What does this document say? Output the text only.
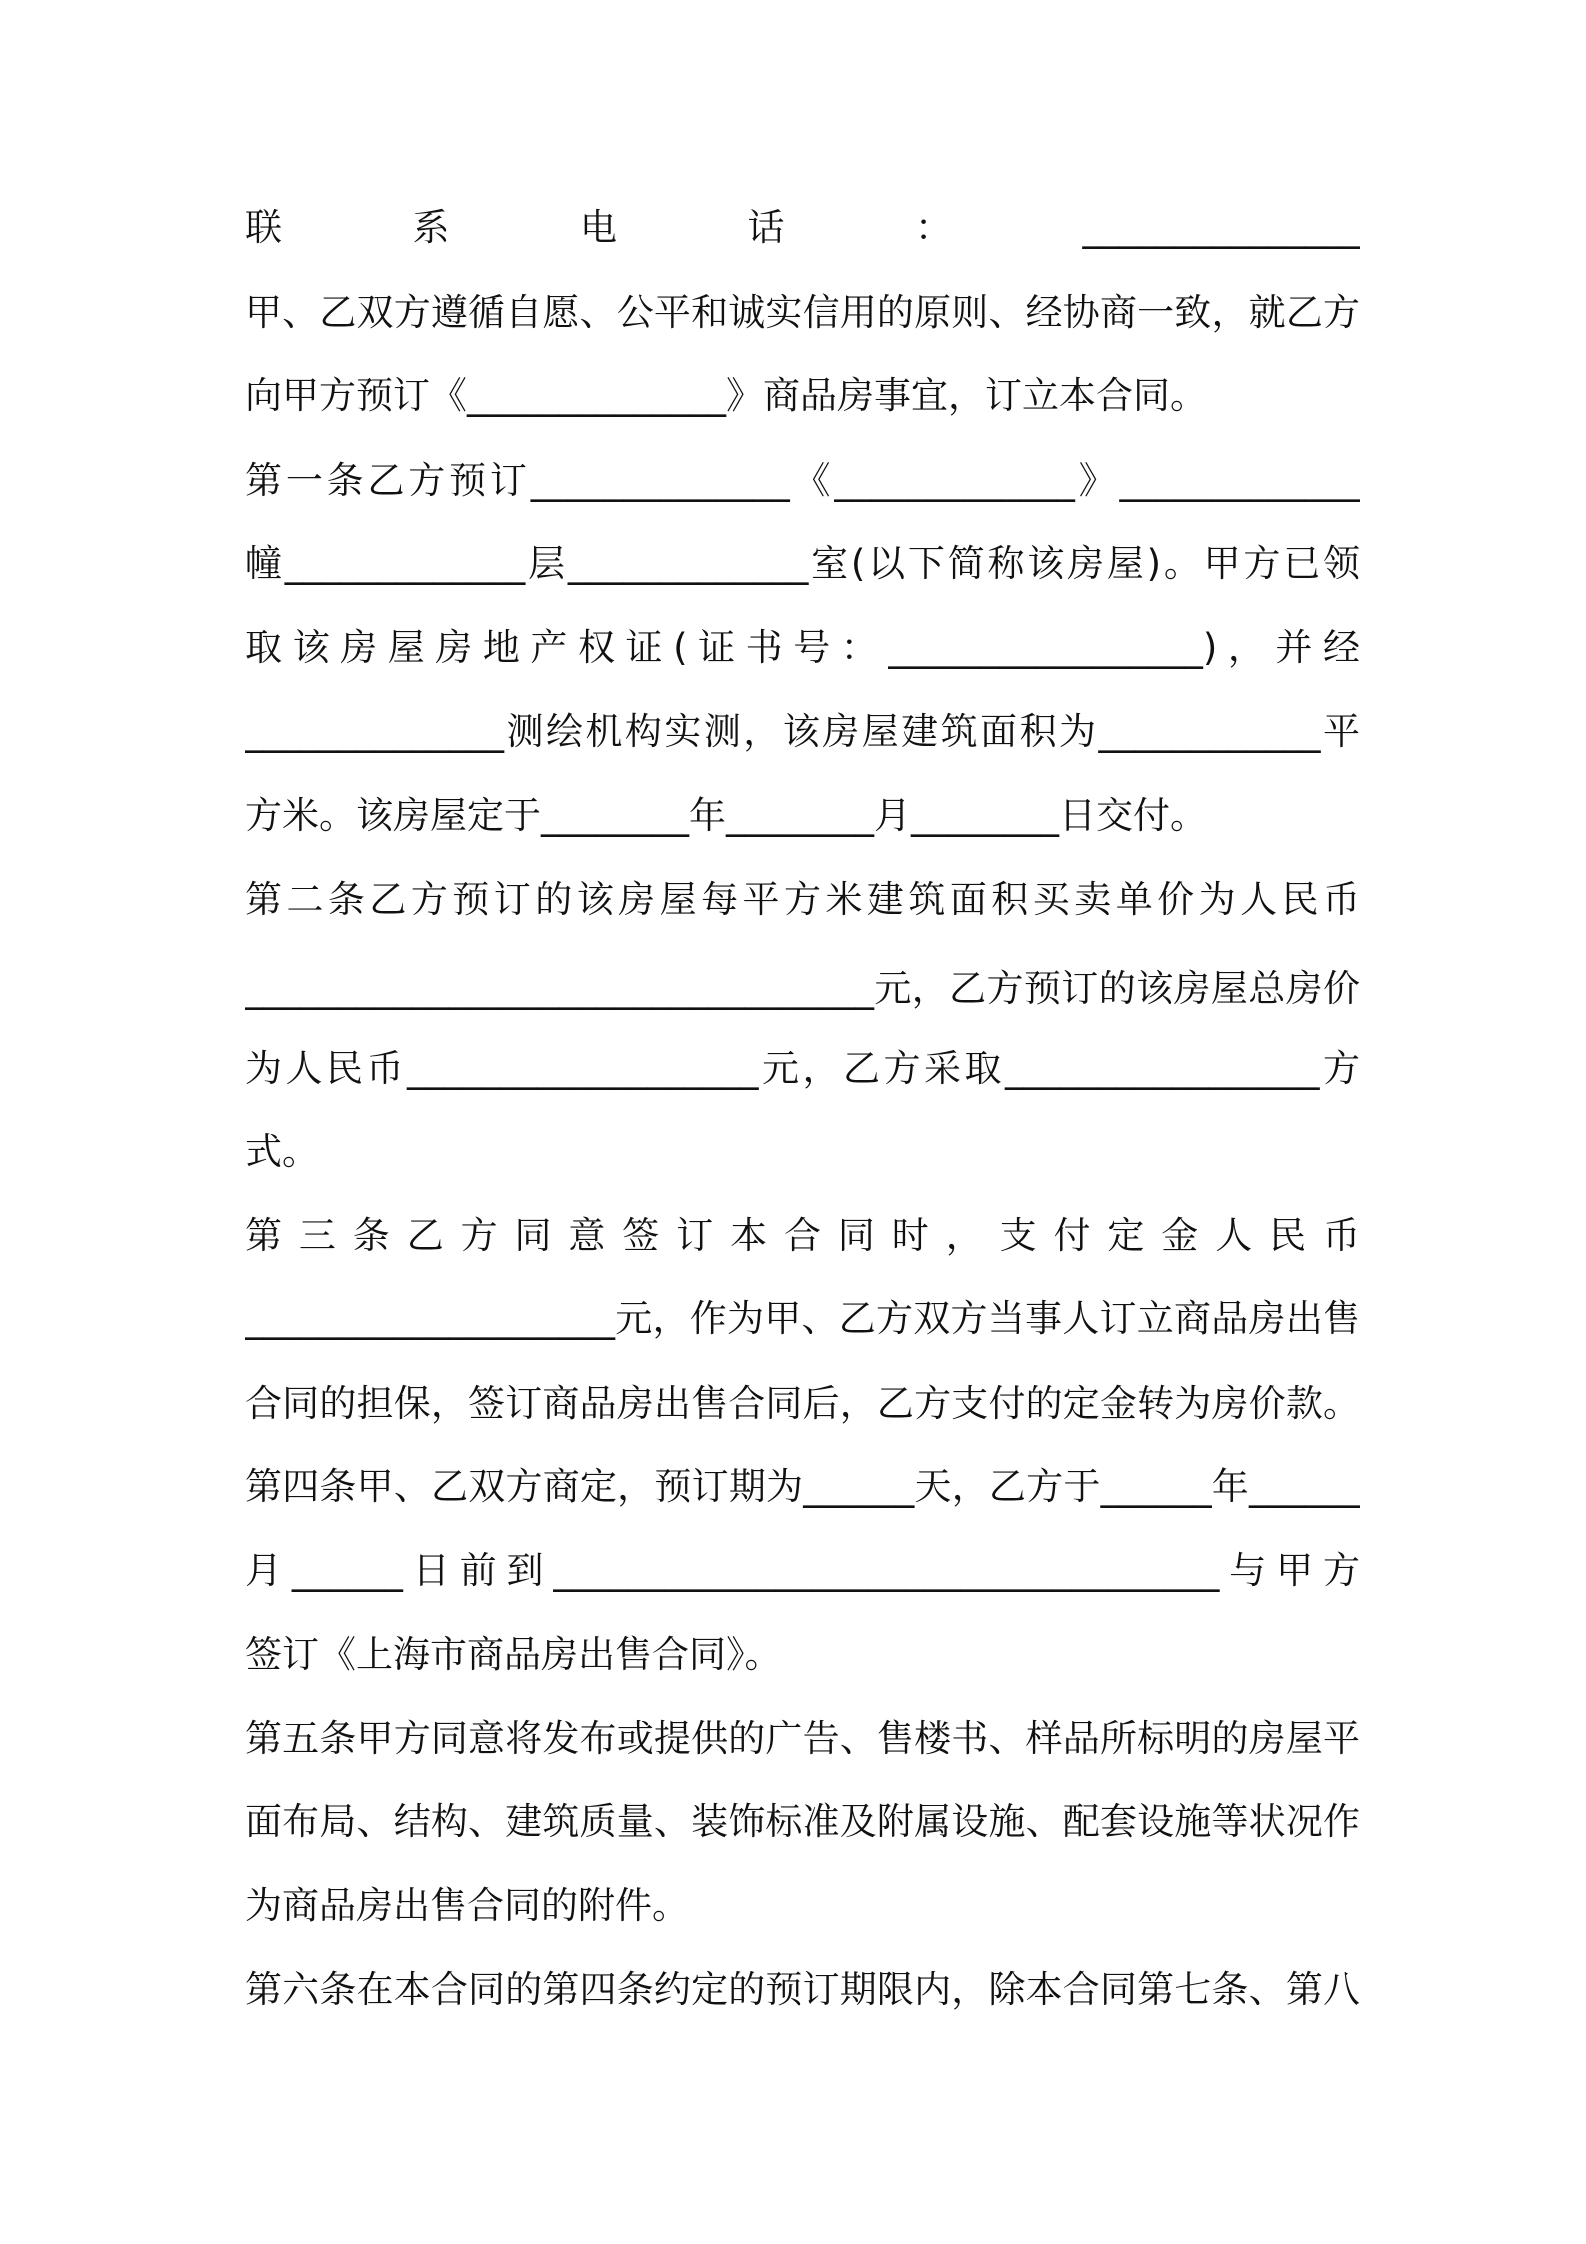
联系电话：_______________
甲、乙双方遵循自愿、公平和诚实信用的原则、经协商一致，就乙方
向甲方预订《______________》商品房事宜，订立本合同。
第一条乙方预订______________《_____________》_____________
幢_____________层_____________室(以下简称该房屋)。甲方已领
取该房屋房地产权证(证书号：_________________)，并经
______________测绘机构实测，该房屋建筑面积为____________平
方米。该房屋定于________年________月________日交付。
第二条乙方预订的该房屋每平方米建筑面积买卖单价为人民币
__________________________________元，乙方预订的该房屋总房价
为人民币___________________元，乙方采取_________________方
式。
第三条乙方同意签订本合同时，支付定金人民币
____________________元，作为甲、乙方双方当事人订立商品房出售
合同的担保，签订商品房出售合同后，乙方支付的定金转为房价款。
第四条甲、乙双方商定，预订期为______天，乙方于______年______
月______日前到____________________________________与甲方
签订《上海市商品房出售合同》。
第五条甲方同意将发布或提供的广告、售楼书、样品所标明的房屋平
面布局、结构、建筑质量、装饰标准及附属设施、配套设施等状况作
为商品房出售合同的附件。
第六条在本合同的第四条约定的预订期限内，除本合同第七条、第八
